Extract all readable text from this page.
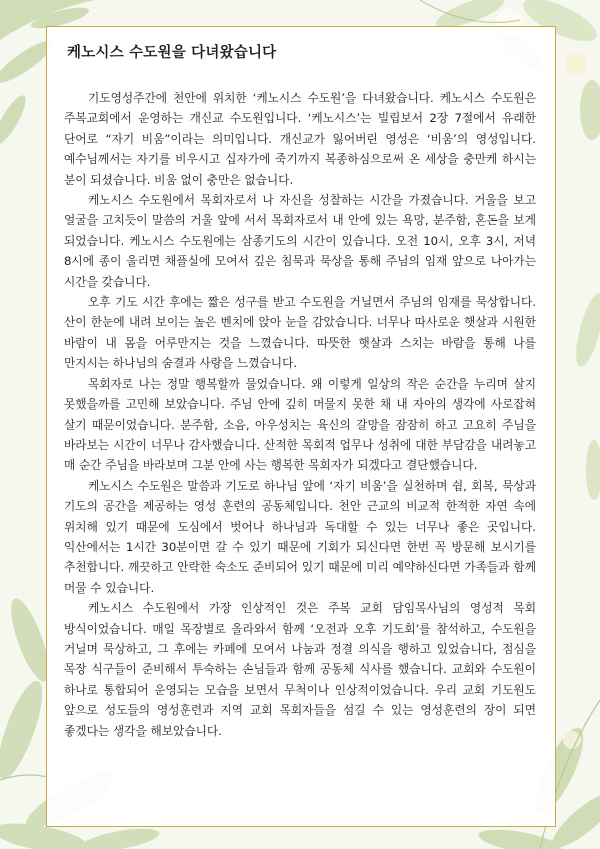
케노시스 수도원을 다녀왔습니다

기도영성주간에 천안에 위치한 ‘케노시스 수도원’을 다녀왔습니다. 케노시스 수도원은 주복교회에서 운영하는 개신교 수도원입니다. ‘케노시스’는 빌립보서 2장 7절에서 유래한 단어로 “자기 비움”이라는 의미입니다. 개신교가 잃어버린 영성은 ‘비움’의 영성입니다. 예수님께서는 자기를 비우시고 십자가에 죽기까지 복종하심으로써 온 세상을 충만케 하시는 분이 되셨습니다. 비움 없이 충만은 없습니다.

케노시스 수도원에서 목회자로서 나 자신을 성찰하는 시간을 가졌습니다. 거울을 보고 얼굴을 고치듯이 말씀의 거울 앞에 서서 목회자로서 내 안에 있는 욕망, 분주함, 혼돈을 보게 되었습니다. 케노시스 수도원에는 삼종기도의 시간이 있습니다. 오전 10시, 오후 3시, 저녁 8시에 종이 울리면 채플실에 모여서 깊은 침묵과 묵상을 통해 주님의 임재 앞으로 나아가는 시간을 갖습니다.

오후 기도 시간 후에는 짧은 성구를 받고 수도원을 거닐면서 주님의 임재를 묵상합니다. 산이 한눈에 내려 보이는 높은 벤치에 앉아 눈을 감았습니다. 너무나 따사로운 햇살과 시원한 바람이 내 몸을 어루만지는 것을 느꼈습니다. 따뜻한 햇살과 스치는 바람을 통해 나를 만지시는 하나님의 숨결과 사랑을 느꼈습니다.

목회자로 나는 정말 행복할까 물었습니다. 왜 이렇게 일상의 작은 순간을 누리며 살지 못했을까를 고민해 보았습니다. 주님 안에 깊히 머물지 못한 채 내 자아의 생각에 사로잡혀 살기 때문이었습니다. 분주함, 소음, 아우성치는 육신의 갈망을 잠잠히 하고 고요히 주님을 바라보는 시간이 너무나 감사했습니다. 산적한 목회적 업무나 성취에 대한 부담감을 내려놓고 매 순간 주님을 바라보며 그분 안에 사는 행복한 목회자가 되겠다고 결단했습니다.

케노시스 수도원은 말씀과 기도로 하나님 앞에 ‘자기 비움’을 실천하며 쉼, 회복, 묵상과 기도의 공간을 제공하는 영성 훈련의 공동체입니다. 천안 근교의 비교적 한적한 자연 속에 위치해 있기 때문에 도심에서 벗어나 하나님과 독대할 수 있는 너무나 좋은 곳입니다. 익산에서는 1시간 30분이면 갈 수 있기 때문에 기회가 되신다면 한번 꼭 방문해 보시기를 추천합니다. 깨끗하고 안락한 숙소도 준비되어 있기 때문에 미리 예약하신다면 가족들과 함께 머물 수 있습니다.

케노시스 수도원에서 가장 인상적인 것은 주복 교회 담임목사님의 영성적 목회 방식이었습니다. 매일 목장별로 올라와서 함께 ‘오전과 오후 기도회’를 참석하고, 수도원을 거닐며 묵상하고, 그 후에는 카페에 모여서 나눔과 정결 의식을 행하고 있었습니다, 점심을 목장 식구들이 준비해서 투숙하는 손님들과 함께 공동체 식사를 했습니다. 교회와 수도원이 하나로 통합되어 운영되는 모습을 보면서 무척이나 인상적이었습니다. 우리 교회 기도원도 앞으로 성도들의 영성훈련과 지역 교회 목회자들을 섬길 수 있는 영성훈련의 장이 되면 좋겠다는 생각을 해보았습니다.
